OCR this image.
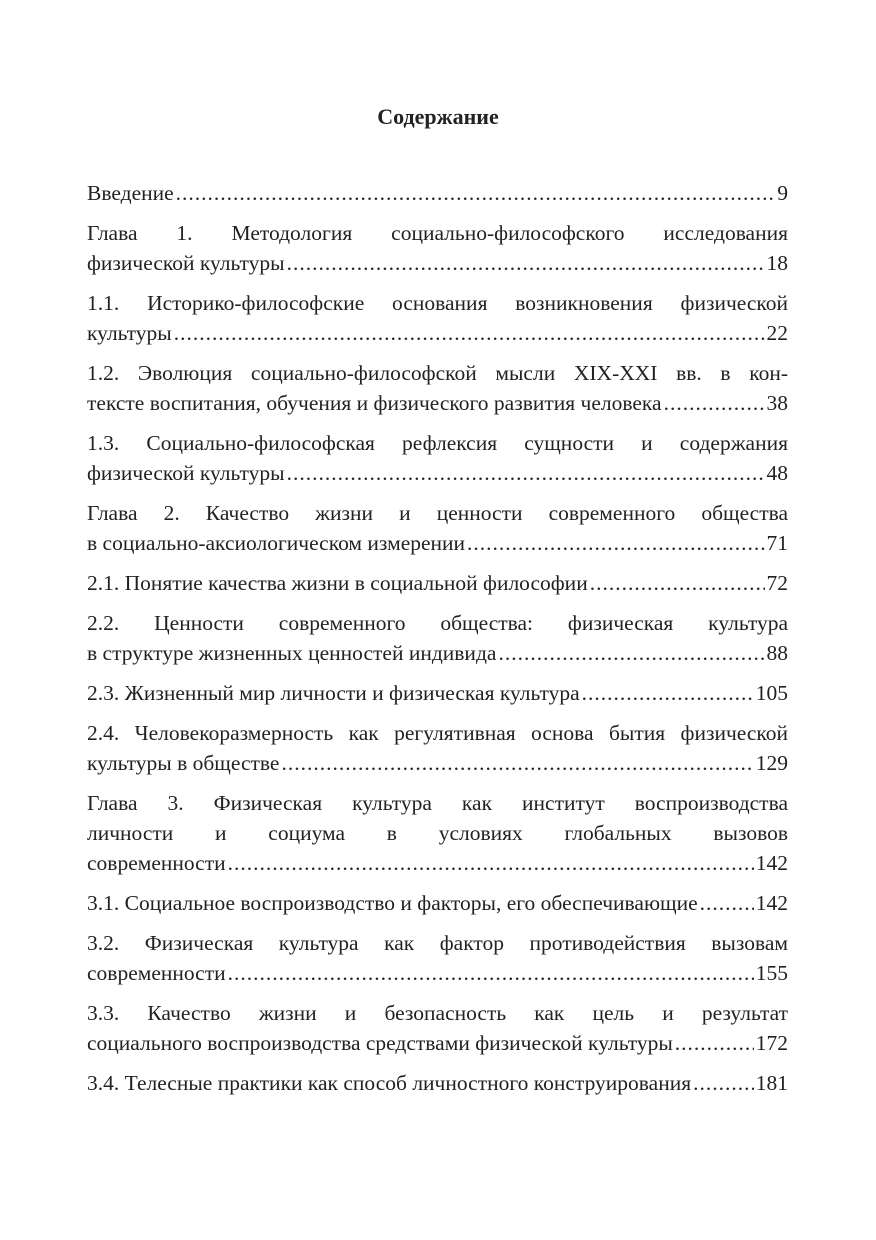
Содержание
Введение .....	9
Глава 1. Методология социально-философского исследования
физической культуры .....	18
1.1. Историко-философские основания возникновения физической
культуры .....	22
1.2. Эволюция социально-философской мысли XIX-XXI вв. в кон-
тексте воспитания, обучения и физического развития человека .....	38
1.3. Социально-философская рефлексия сущности и содержания
физической культуры .....	48
Глава 2. Качество жизни и ценности современного общества
в социально-аксиологическом измерении .....	71
2.1. Понятие качества жизни в социальной философии .....	72
2.2. Ценности современного общества: физическая культура
в структуре жизненных ценностей индивида .....	88
2.3. Жизненный мир личности и физическая культура .....	105
2.4. Человекоразмерность как регулятивная основа бытия физической
культуры в обществе .....	129
Глава 3. Физическая культура как институт воспроизводства
личности и социума в условиях глобальных вызовов
современности .....	142
3.1. Социальное воспроизводство и факторы, его обеспечивающие .....	142
3.2. Физическая культура как фактор противодействия вызовам
современности .....	155
3.3. Качество жизни и безопасность как цель и результат
социального воспроизводства средствами физической культуры .....	172
3.4. Телесные практики как способ личностного конструирования .....	181
